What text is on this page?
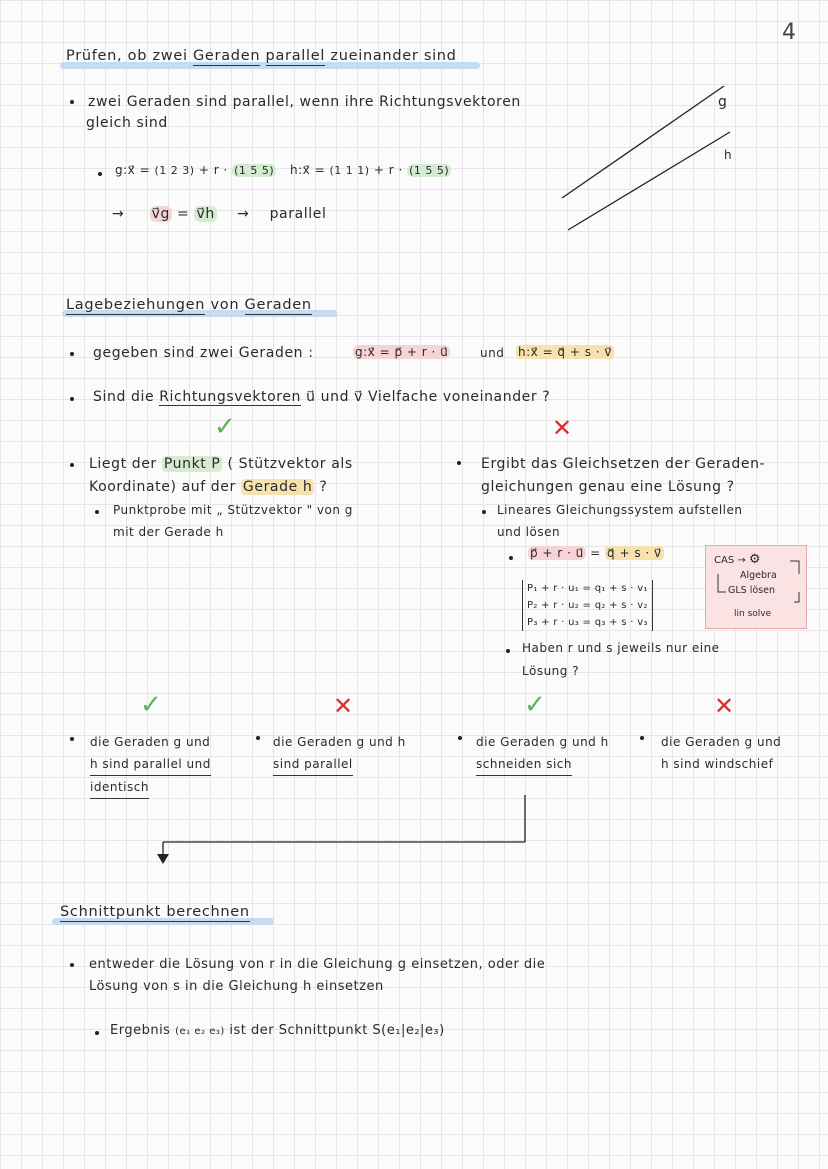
4
Prüfen, ob zwei Geraden parallel zueinander sind
zwei Geraden sind parallel, wenn ihre Richtungsvektoren
gleich sind
g:x⃗ = (1 2 3) + r · (1 5 5) h:x⃗ = (1 1 1) + r · (1 5 5)
→ v⃗g = v⃗h → parallel
g
h
Lagebeziehungen von Geraden
gegeben sind zwei Geraden :	g:x⃗ = p⃗ + r · u⃗	und h:x⃗ = q⃗ + s · v⃗
Sind die Richtungsvektoren u⃗ und v⃗ Vielfache voneinander ?
✓	✕
Liegt der Punkt P ( Stützvektor als
Koordinate) auf der Gerade h ?
Punktprobe mit „ Stützvektor " von g
mit der Gerade h
Ergibt das Gleichsetzen der Geraden-
gleichungen genau eine Lösung ?
Lineares Gleichungssystem aufstellen
und lösen
p⃗ + r · u⃗ = q⃗ + s · v⃗
P₁ + r · u₁ = q₁ + s · v₁
P₂ + r · u₂ = q₂ + s · v₂
P₃ + r · u₃ = q₃ + s · v₃
CAS → ⚙
Algebra
GLS lösen
lin solve
Haben r und s jeweils nur eine
Lösung ?
✓	✕	✓	✕
die Geraden g und
h sind parallel und
identisch
die Geraden g und h
sind parallel
die Geraden g und h
schneiden sich
die Geraden g und
h sind windschief
Schnittpunkt berechnen
entweder die Lösung von r in die Gleichung g einsetzen, oder die
Lösung von s in die Gleichung h einsetzen
Ergebnis (e₁ e₂ e₃) ist der Schnittpunkt S(e₁|e₂|e₃)
